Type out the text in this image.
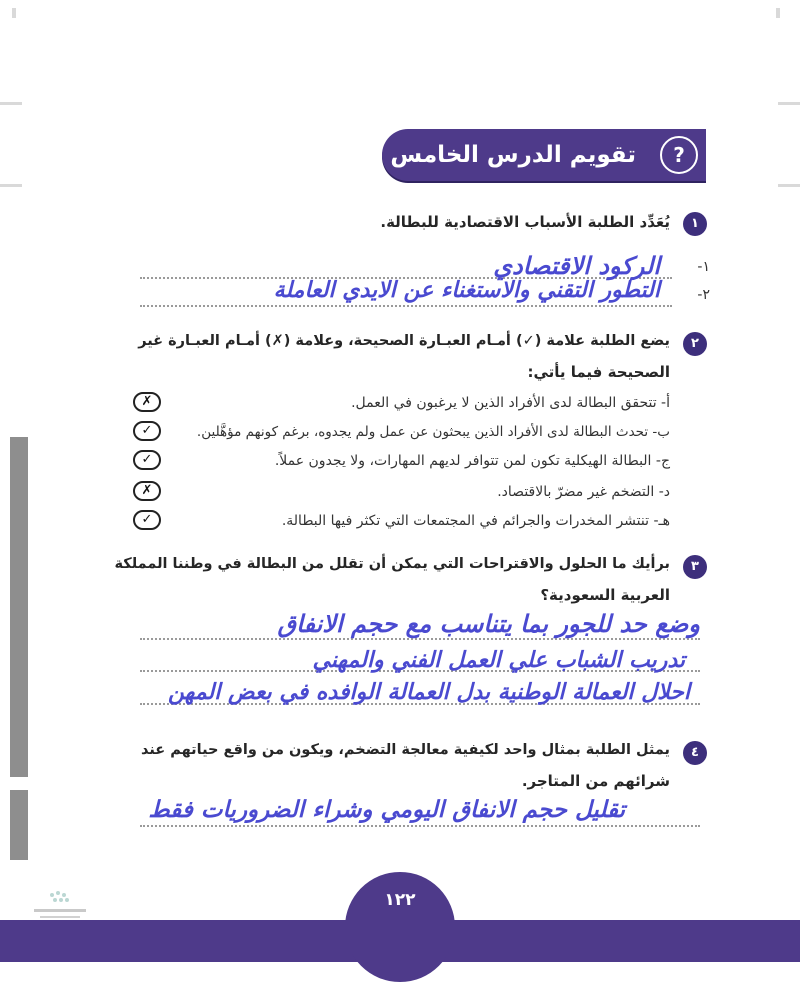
?
تقويم الدرس الخامس عشر
١
يُعَدِّد الطلبة الأسباب الاقتصادية للبطالة.
١-
الركود الاقتصادي
٢-
التطور التقني والاستغناء عن الايدي العاملة
٢
يضع الطلبة علامة (✓) أمـام العبـارة الصحيحة، وعلامة (✗) أمـام العبـارة غير
الصحيحة فيما يأتي:
أ- تتحقق البطالة لدى الأفراد الذين لا يرغبون في العمل.
✗
ب- تحدث البطالة لدى الأفراد الذين يبحثون عن عمل ولم يجدوه، برغم كونهم مؤهَّلين.
✓
ج- البطالة الهيكلية تكون لمن تتوافر لديهم المهارات، ولا يجدون عملاً.
✓
د- التضخم غير مضرّ بالاقتصاد.
✗
هـ- تنتشر المخدرات والجرائم في المجتمعات التي تكثر فيها البطالة.
✓
٣
برأيك ما الحلول والاقتراحات التي يمكن أن تقلل من البطالة في وطننا المملكة
العربية السعودية؟
وضع حد للجور بما يتناسب مع حجم الانفاق
تدريب الشباب علي العمل الفني والمهني
احلال العمالة الوطنية بدل العمالة الوافده في بعض المهن
٤
يمثل الطلبة بمثال واحد لكيفية معالجة التضخم، ويكون من واقع حياتهم عند
شرائهم من المتاجر.
تقليل حجم الانفاق اليومي وشراء الضروريات فقط
١٢٢
